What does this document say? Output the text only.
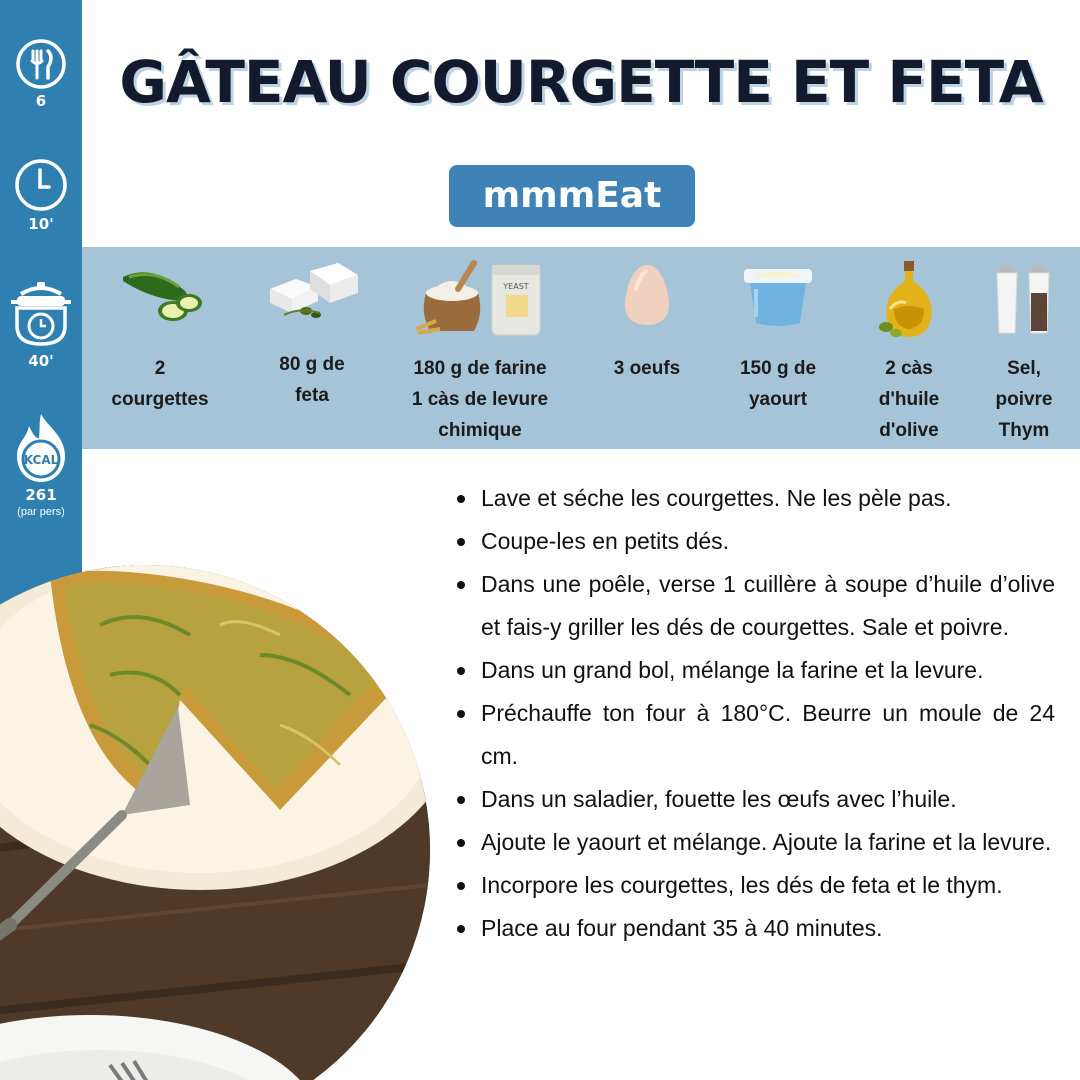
6
10'
40'
KCAL
261
(par pers)
GÂTEAU COURGETTE ET FETA
mmmEat
2
courgettes
80 g de
feta
YEAST
180 g de farine
1 càs de levure
chimique
3 oeufs	150 g de
yaourt
2 càs
d'huile
d'olive
Sel,
poivre
Thym
Lave et séche les courgettes. Ne les pèle pas.
Coupe-les en petits dés.
Dans une poêle, verse 1 cuillère à soupe d’huile d’olive et fais-y griller les dés de courgettes. Sale et poivre.
Dans un grand bol, mélange la farine et la levure.
Préchauffe ton four à 180°C. Beurre un moule de 24 cm.
Dans un saladier, fouette les œufs avec l’huile.
Ajoute le yaourt et mélange. Ajoute la farine et la levure.
Incorpore les courgettes, les dés de feta et le thym.
Place au four pendant 35 à 40 minutes.
